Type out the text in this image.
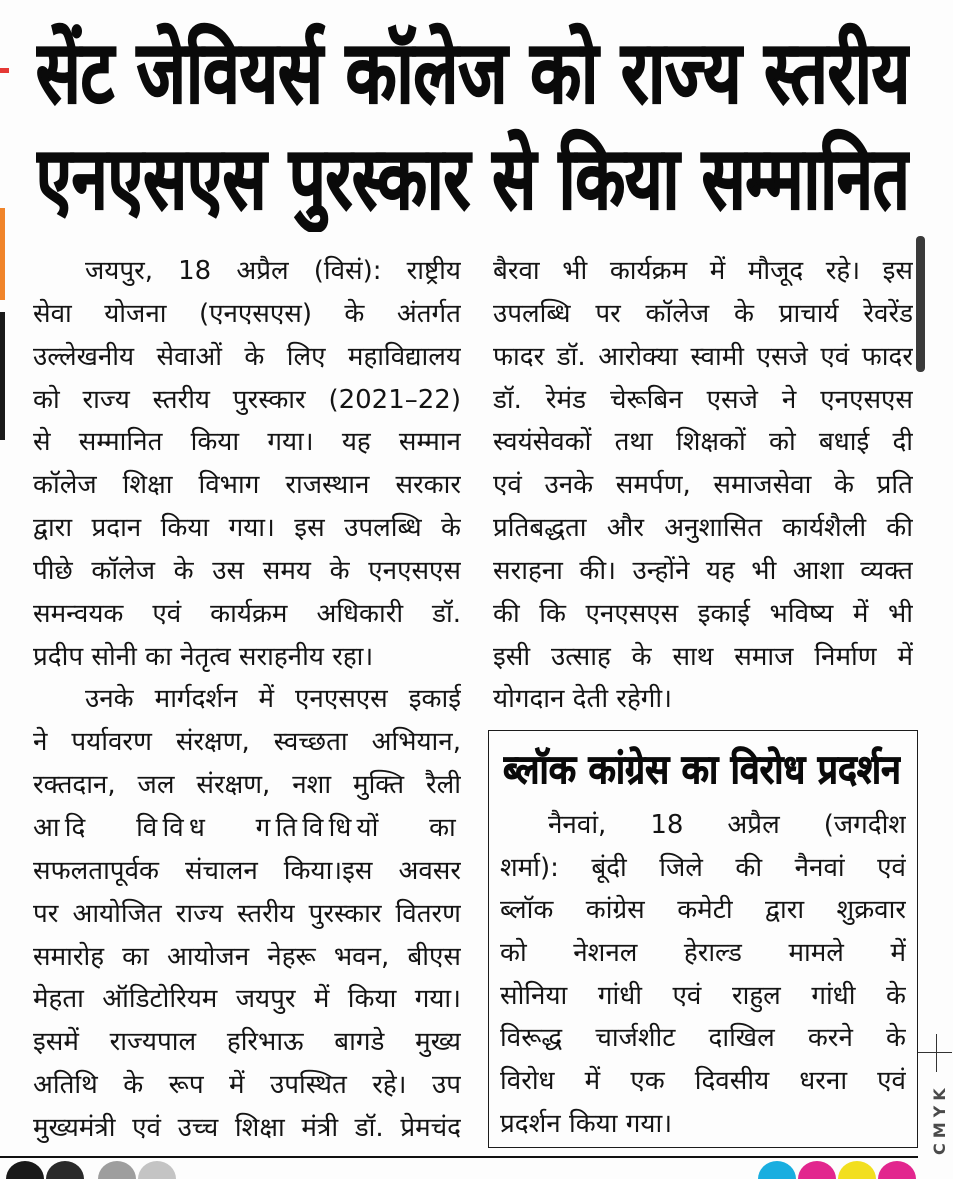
सेंट जेवियर्स कॉलेज को राज्य स्तरीय
एनएसएस पुरस्कार से किया सम्मानित
जयपुर, 18 अप्रैल (विसं): राष्ट्रीय
सेवा योजना (एनएसएस) के अंतर्गत
उल्लेखनीय सेवाओं के लिए महाविद्यालय
को राज्य स्तरीय पुरस्कार (2021–22)
से सम्मानित किया गया। यह सम्मान
कॉलेज शिक्षा विभाग राजस्थान सरकार
द्वारा प्रदान किया गया। इस उपलब्धि के
पीछे कॉलेज के उस समय के एनएसएस
समन्वयक एवं कार्यक्रम अधिकारी डॉ.
प्रदीप सोनी का नेतृत्व सराहनीय रहा।
उनके मार्गदर्शन में एनएसएस इकाई
ने पर्यावरण संरक्षण, स्वच्छता अभियान,
रक्तदान, जल संरक्षण, नशा मुक्ति रैली
आदि विविध गतिविधियों का
सफलतापूर्वक संचालन किया।इस अवसर
पर आयोजित राज्य स्तरीय पुरस्कार वितरण
समारोह का आयोजन नेहरू भवन, बीएस
मेहता ऑडिटोरियम जयपुर में किया गया।
इसमें राज्यपाल हरिभाऊ बागडे मुख्य
अतिथि के रूप में उपस्थित रहे। उप
मुख्यमंत्री एवं उच्च शिक्षा मंत्री डॉ. प्रेमचंद
बैरवा भी कार्यक्रम में मौजूद रहे। इस
उपलब्धि पर कॉलेज के प्राचार्य रेवरेंड
फादर डॉ. आरोक्या स्वामी एसजे एवं फादर
डॉ. रेमंड चेरूबिन एसजे ने एनएसएस
स्वयंसेवकों तथा शिक्षकों को बधाई दी
एवं उनके समर्पण, समाजसेवा के प्रति
प्रतिबद्धता और अनुशासित कार्यशैली की
सराहना की। उन्होंने यह भी आशा व्यक्त
की कि एनएसएस इकाई भविष्य में भी
इसी उत्साह के साथ समाज निर्माण में
योगदान देती रहेगी।
ब्लॉक कांग्रेस का विरोध प्रदर्शन
नैनवां, 18 अप्रैल (जगदीश
शर्मा): बूंदी जिले की नैनवां एवं
ब्लॉक कांग्रेस कमेटी द्वारा शुक्रवार
को नेशनल हेराल्ड मामले में
सोनिया गांधी एवं राहुल गांधी के
विरूद्ध चार्जशीट दाखिल करने के
विरोध में एक दिवसीय धरना एवं
प्रदर्शन किया गया।	CMYK
